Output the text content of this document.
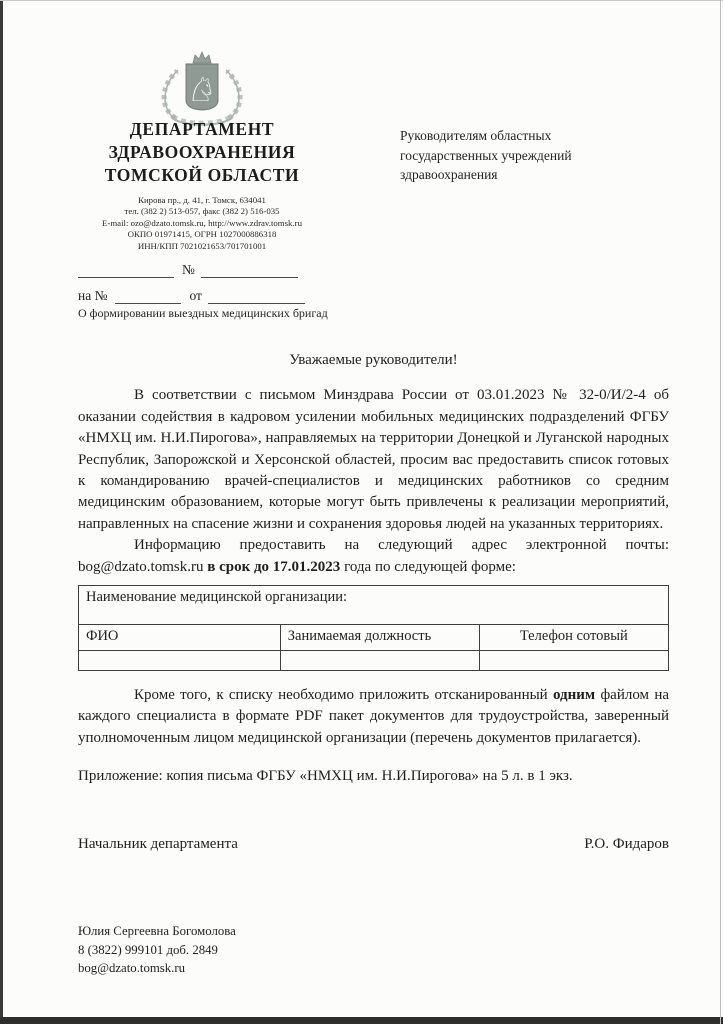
♘
ДЕПАРТАМЕНТ
ЗДРАВООХРАНЕНИЯ
ТОМСКОЙ ОБЛАСТИ
Кирова пр., д. 41, г. Томск, 634041
тел. (382 2) 513-057, факс (382 2) 516-035
E-mail: ozo@dzato.tomsk.ru, http://www.zdrav.tomsk.ru
ОКПО 01971415, ОГРН 1027000886318
ИНН/КПП 7021021653/701701001
Руководителям областных
государственных учреждений
здравоохранения
№
на №	от
О формировании выездных медицинских бригад
Уважаемые руководители!

В соответствии с письмом Минздрава России от 03.01.2023 № 32-0/И/2-4 об оказании содействия в кадровом усилении мобильных медицинских подразделений ФГБУ «НМХЦ им. Н.И.Пирогова», направляемых на территории Донецкой и Луганской народных Республик, Запорожской и Херсонской областей, просим вас предоставить список готовых к командированию врачей-специалистов и медицинских работников со средним медицинским образованием, которые могут быть привлечены к реализации мероприятий, направленных на спасение жизни и сохранения здоровья людей на указанных территориях.

Информацию предоставить на следующий адрес электронной почты: bog@dzato.tomsk.ru в срок до 17.01.2023 года по следующей форме:

Наименование медицинской организации:		
ФИО	Занимаемая должность	Телефон сотовый

Кроме того, к списку необходимо приложить отсканированный одним файлом на каждого специалиста в формате PDF пакет документов для трудоустройства, заверенный уполномоченным лицом медицинской организации (перечень документов прилагается).

Приложение: копия письма ФГБУ «НМХЦ им. Н.И.Пирогова» на 5 л. в 1 экз.

Начальник департамента	Р.О. Фидаров
Юлия Сергеевна Богомолова
8 (3822) 999101 доб. 2849
bog@dzato.tomsk.ru
